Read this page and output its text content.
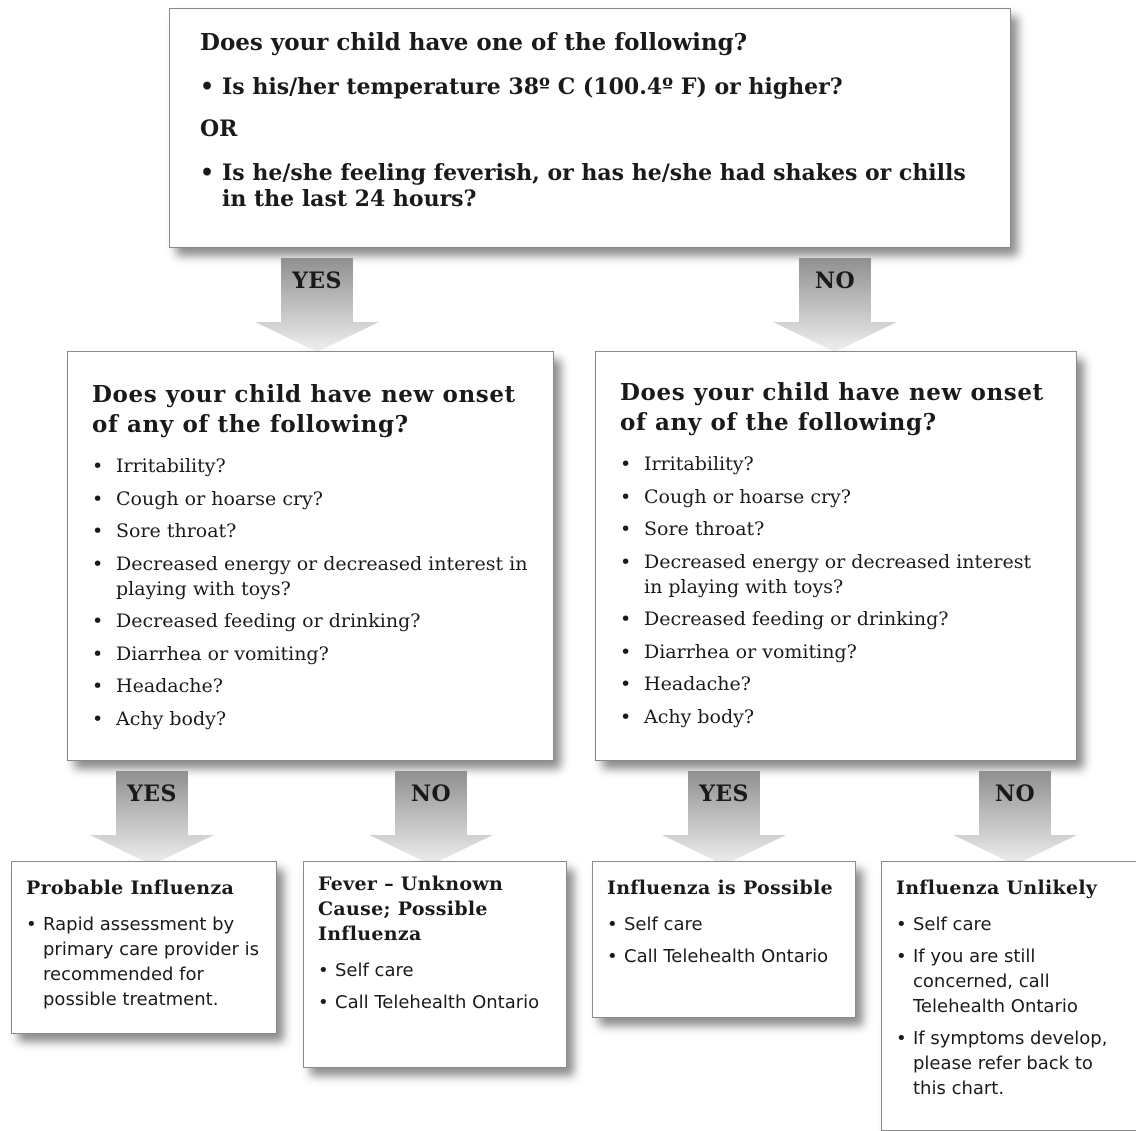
Does your child have one of the following?
• Is his/her temperature 38º C (100.4º F) or higher?
OR
• Is he/she feeling feverish, or has he/she had shakes or chills in the last 24 hours?
YES	NO
Does your child have new onset of any of the following?
• Irritability?
• Cough or hoarse cry?
• Sore throat?
• Decreased energy or decreased interest in playing with toys?
• Decreased feeding or drinking?
• Diarrhea or vomiting?
• Headache?
• Achy body?
Does your child have new onset of any of the following?
• Irritability?
• Cough or hoarse cry?
• Sore throat?
• Decreased energy or decreased interest in playing with toys?
• Decreased feeding or drinking?
• Diarrhea or vomiting?
• Headache?
• Achy body?
YES	NO	YES	NO
Probable Influenza
• Rapid assessment by primary care provider is recommended for possible treatment.
Fever – Unknown Cause; Possible Influenza
• Self care
• Call Telehealth Ontario
Influenza is Possible
• Self care
• Call Telehealth Ontario
Influenza Unlikely
• Self care
• If you are still concerned, call Telehealth Ontario
• If symptoms develop, please refer back to this chart.
